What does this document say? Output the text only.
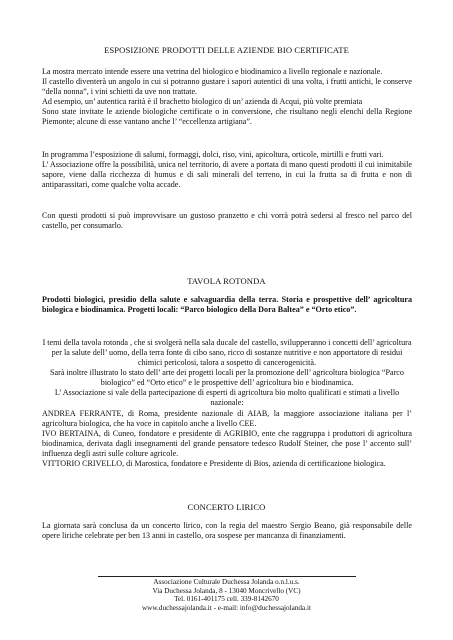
ESPOSIZIONE PRODOTTI DELLE AZIENDE BIO CERTIFICATE

La mostra mercato intende essere una vetrina del biologico e biodinamico a livello regionale e nazionale.

Il castello diventerà un angolo in cui si potranno gustare i sapori autentici di una volta, i frutti antichi, le conserve “della nonna”, i vini schietti da uve non trattate.

Ad esempio, un’ autentica rarità è il brachetto biologico di un’ azienda di Acqui, più volte premiata

Sono state invitate le aziende biologiche certificate o in conversione, che risultano negli elenchi della Regione Piemonte; alcune di esse vantano anche l’ “eccellenza artigiana”.

In programma l’esposizione di salumi, formaggi, dolci, riso, vini, apicoltura, orticole, mirtilli e frutti vari.

L’ Associazione offre la possibilità, unica nel territorio, di avere a portata di mano questi prodotti il cui inimitabile sapore, viene dalla ricchezza di humus e di sali minerali del terreno, in cui la frutta sa di frutta e non di antiparassitari, come qualche volta accade.

Con questi prodotti si può improvvisare un gustoso pranzetto e chi vorrà potrà sedersi al fresco nel parco del castello, per consumarlo.

TAVOLA ROTONDA
Prodotti biologici, presidio della salute e salvaguardia della terra. Storia e prospettive dell’ agricoltura biologica e biodinamica. Progetti locali: “Parco biologico della Dora Baltea” e “Orto etico”.

I temi della tavola rotonda , che si svolgerà nella sala ducale del castello, svilupperanno i concetti dell’ agricoltura per la salute dell’ uomo, della terra fonte di cibo sano, ricco di sostanze nutritive e non apportatore di residui chimici pericolosi, talora a sospetto di cancerogenicità.

Sarà inoltre illustrato lo stato dell’ arte dei progetti locali per la promozione dell’ agricoltura biologica “Parco biologico” ed “Orto etico” e le prospettive dell’ agricoltura bio e biodinamica.

L’ Associazione si vale della partecipazione di esperti di agricoltura bio molto qualificati e stimati a livello nazionale:

ANDREA FERRANTE, di Roma, presidente nazionale di AIAB, la maggiore associazione italiana per l’ agricoltura biologica, che ha voce in capitolo anche a livello CEE.

IVO BERTAINA, di Cuneo, fondatore e presidente di AGRIBIO, ente che raggruppa i produttori di agricoltura biodinamica, derivata dagli insegnamenti del grande pensatore tedesco Rudolf Steiner, che pose l’ accento sull’ influenza degli astri sulle colture agricole.

VITTORIO CRIVELLO, di Marostica, fondatore e Presidente di Bios, azienda di certificazione biologica.

CONCERTO LIRICO
La giornata sarà conclusa da un concerto lirico, con la regia del maestro Sergio Beano, già responsabile delle opere liriche celebrate per ben 13 anni in castello, ora sospese per mancanza di finanziamenti.

Associazione Culturale Duchessa Jolanda o.n.l.u.s.

Via Duchessa Jolanda, 8 - 13040 Moncrivello (VC)

Tel. 0161-401175 cell. 339-8142670

www.duchessajolanda.it - e-mail: info@duchessajolanda.it
